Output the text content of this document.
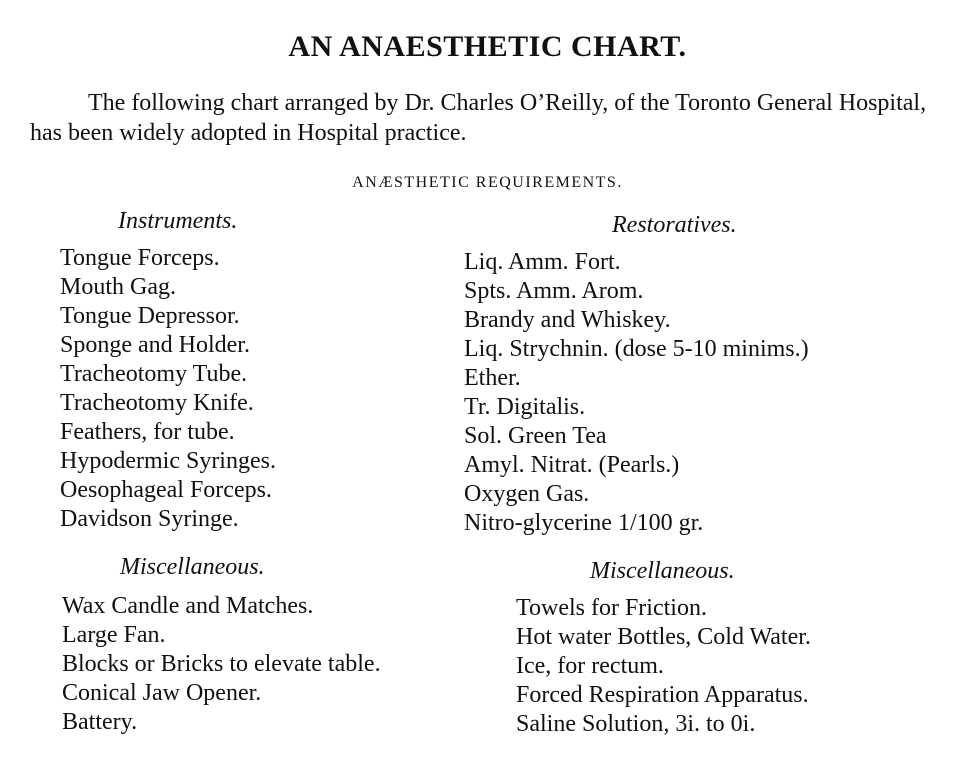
AN ANAESTHETIC CHART.
The following chart arranged by Dr. Charles O’Reilly, of the Toronto General Hospital, has been widely adopted in Hospital practice.
ANÆSTHETIC REQUIREMENTS.
Instruments.
Tongue Forceps.
Mouth Gag.
Tongue Depressor.
Sponge and Holder.
Tracheotomy Tube.
Tracheotomy Knife.
Feathers, for tube.
Hypodermic Syringes.
Oesophageal Forceps.
Davidson Syringe.
Restoratives.
Liq. Amm. Fort.
Spts. Amm. Arom.
Brandy and Whiskey.
Liq. Strychnin. (dose 5-10 minims.)
Ether.
Tr. Digitalis.
Sol. Green Tea
Amyl. Nitrat. (Pearls.)
Oxygen Gas.
Nitro-glycerine 1/100 gr.
Miscellaneous.
Wax Candle and Matches.
Large Fan.
Blocks or Bricks to elevate table.
Conical Jaw Opener.
Battery.
Miscellaneous.
Towels for Friction.
Hot water Bottles, Cold Water.
Ice, for rectum.
Forced Respiration Apparatus.
Saline Solution, 3i. to 0i.
